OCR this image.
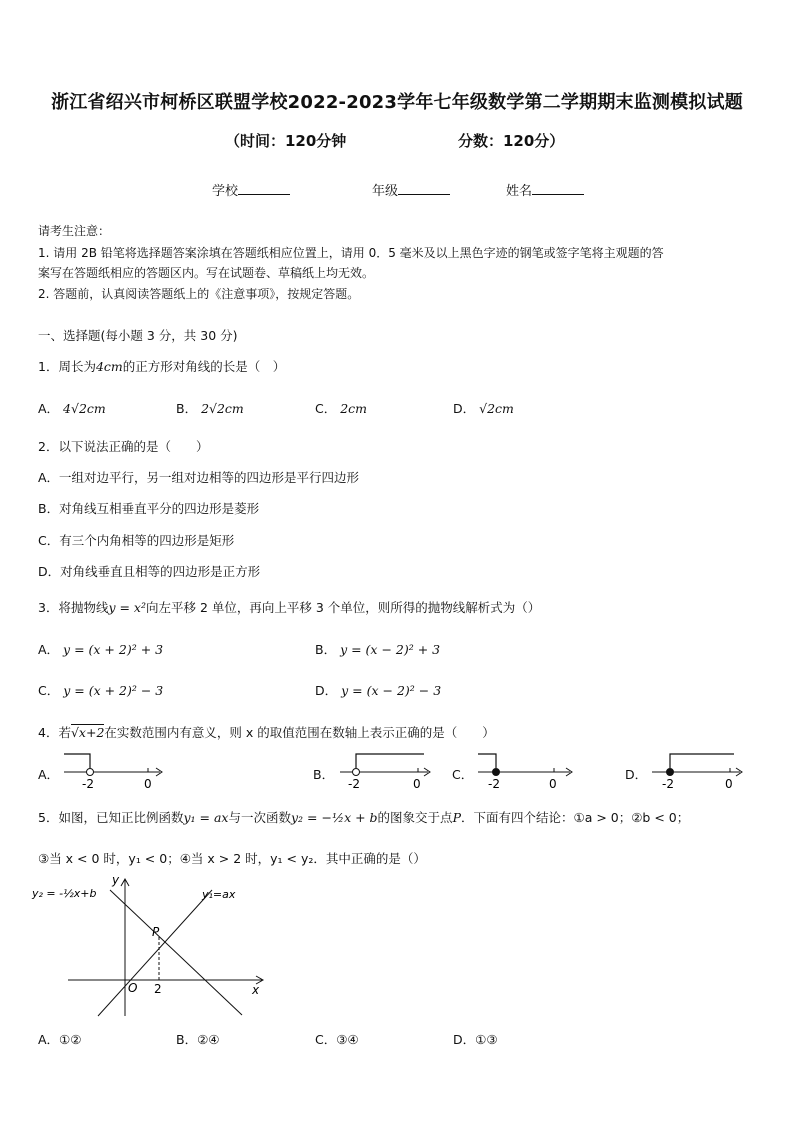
浙江省绍兴市柯桥区联盟学校2022-2023学年七年级数学第二学期期末监测模拟试题
（时间：120分钟	分数：120分）
学校	年级	姓名
请考生注意：
1. 请用 2B 铅笔将选择题答案涂填在答题纸相应位置上，请用 0．5 毫米及以上黑色字迹的钢笔或签字笔将主观题的答
案写在答题纸相应的答题区内。写在试题卷、草稿纸上均无效。
2. 答题前，认真阅读答题纸上的《注意事项》，按规定答题。
一、选择题(每小题 3 分，共 30 分)
1．周长为4cm的正方形对角线的长是（　）
A． 4√2cm	B． 2√2cm	C． 2cm	D． √2cm
2．以下说法正确的是（　　）
A．一组对边平行，另一组对边相等的四边形是平行四边形
B．对角线互相垂直平分的四边形是菱形
C．有三个内角相等的四边形是矩形
D．对角线垂直且相等的四边形是正方形
3．将抛物线y = x²向左平移 2 单位，再向上平移 3 个单位，则所得的抛物线解析式为（）
A． y = (x + 2)² + 3	B． y = (x − 2)² + 3
C． y = (x + 2)² − 3	D． y = (x − 2)² − 3
4．若√x+2在实数范围内有意义，则 x 的取值范围在数轴上表示正确的是（　　）
A．
-2	0
B．
-2	0
C．
-2	0
D．
-2	0
5．如图，已知正比例函数y₁ = ax与一次函数y₂ = −½x + b的图象交于点P．下面有四个结论：①a > 0；②b < 0；
③当 x < 0 时，y₁ < 0；④当 x > 2 时，y₁ < y₂．其中正确的是（）
y₂ = -½x+b	y₁=ax
y
x
O
P
2
A．①②	B．②④	C．③④	D．①③
